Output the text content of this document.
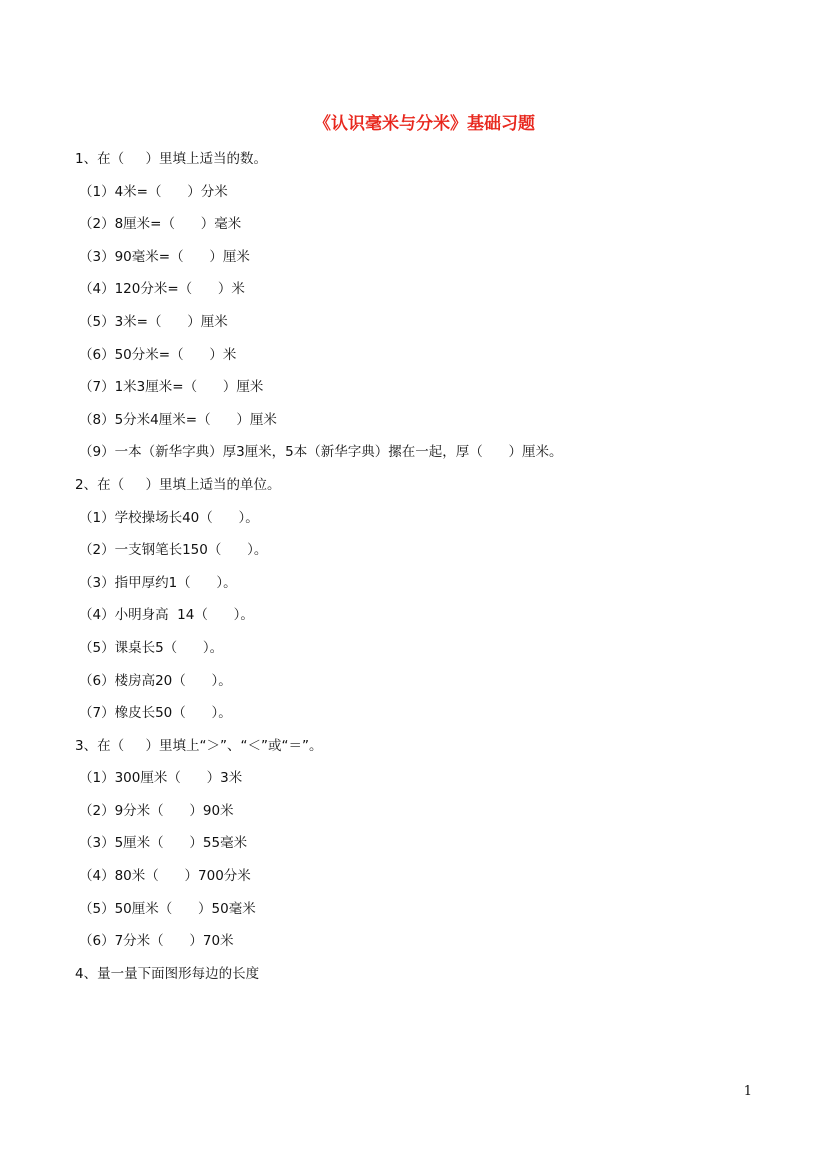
《认识毫米与分米》基础习题
1、在（     ）里填上适当的数。
（1）4米=（      ）分米
（2）8厘米=（      ）毫米
（3）90毫米=（      ）厘米
（4）120分米=（      ）米
（5）3米=（      ）厘米
（6）50分米=（      ）米
（7）1米3厘米=（      ）厘米
（8）5分米4厘米=（      ）厘米
（9）一本（新华字典）厚3厘米，5本（新华字典）摞在一起，厚（      ）厘米。
2、在（     ）里填上适当的单位。
（1）学校操场长40（      ）。
（2）一支钢笔长150（      ）。
（3）指甲厚约1（      ）。
（4）小明身高  14（      ）。
（5）课桌长5（      ）。
（6）楼房高20（      ）。
（7）橡皮长50（      ）。
3、在（     ）里填上“＞”、“＜”或“＝”。
（1）300厘米（      ）3米
（2）9分米（      ）90米
（3）5厘米（      ）55毫米
（4）80米（      ）700分米
（5）50厘米（      ）50毫米
（6）7分米（      ）70米
4、量一量下面图形每边的长度
1
